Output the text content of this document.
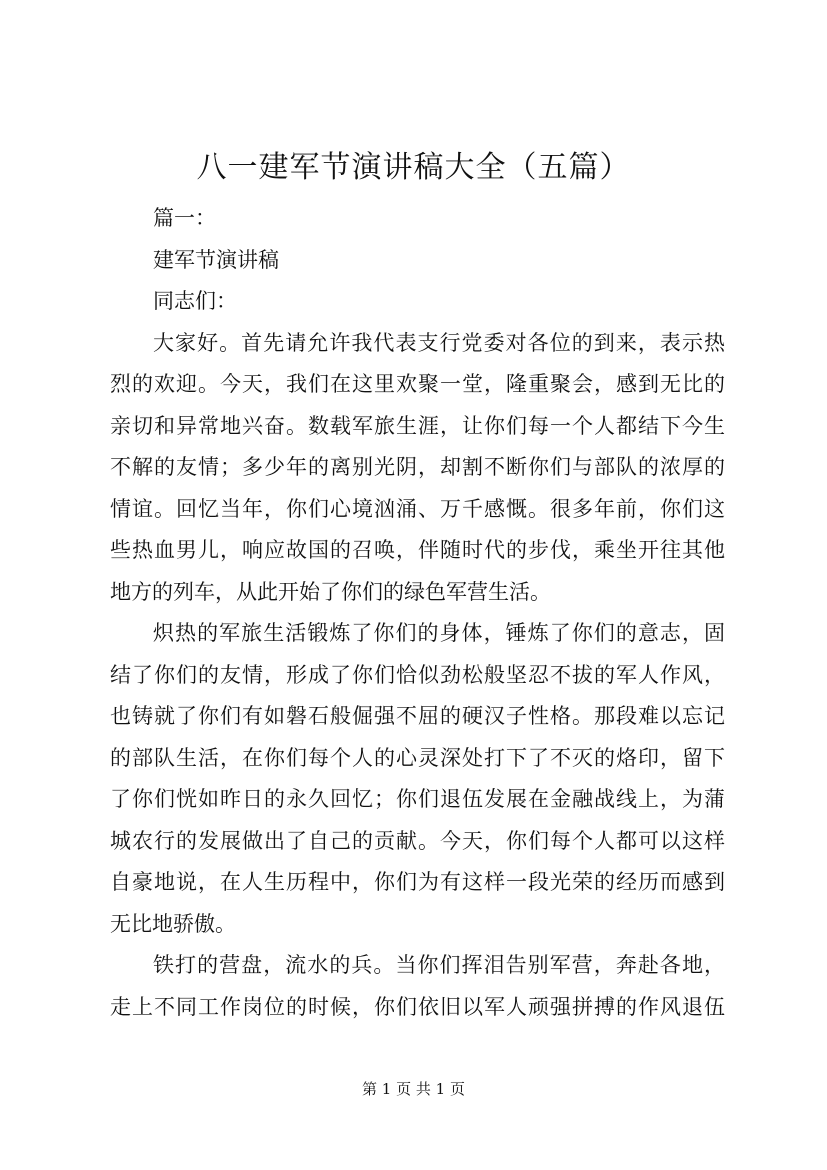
八一建军节演讲稿大全（五篇）
篇一：
建军节演讲稿
同志们：
大家好。首先请允许我代表支行党委对各位的到来，表示热
烈的欢迎。今天，我们在这里欢聚一堂，隆重聚会，感到无比的
亲切和异常地兴奋。数载军旅生涯，让你们每一个人都结下今生
不解的友情；多少年的离别光阴，却割不断你们与部队的浓厚的
情谊。回忆当年，你们心境汹涌、万千感慨。很多年前，你们这
些热血男儿，响应故国的召唤，伴随时代的步伐，乘坐开往其他
地方的列车，从此开始了你们的绿色军营生活。
炽热的军旅生活锻炼了你们的身体，锤炼了你们的意志，固
结了你们的友情，形成了你们恰似劲松般坚忍不拔的军人作风，
也铸就了你们有如磐石般倔强不屈的硬汉子性格。那段难以忘记
的部队生活，在你们每个人的心灵深处打下了不灭的烙印，留下
了你们恍如昨日的永久回忆；你们退伍发展在金融战线上，为蒲
城农行的发展做出了自己的贡献。今天，你们每个人都可以这样
自豪地说，在人生历程中，你们为有这样一段光荣的经历而感到
无比地骄傲。
铁打的营盘，流水的兵。当你们挥泪告别军营，奔赴各地，
走上不同工作岗位的时候，你们依旧以军人顽强拼搏的作风退伍
第 1 页 共 1 页
